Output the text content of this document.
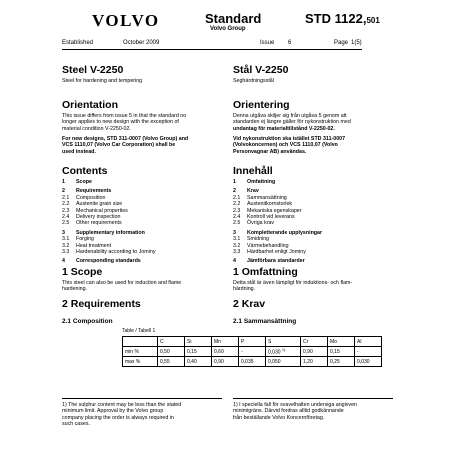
VOLVO	Standard
Volvo Group
STD 1122,501
Established	October 2009	Issue 6	Page 1(5)
Steel V-2250
Steel for hardening and tempering
Orientation
This issue differs from issue 5 in that the standard no
longer applies to new design with the exception of
material condition V-2250-02.
For new designs, STD 311-0007 (Volvo Group) and
VCS 1110,07 (Volvo Car Corporation) shall be
used instead.
Contents
1 Scope
2 Requirements
2.1 Composition
2.2 Austenite grain size
2.3 Mechanical properties
2.4 Delivery inspection
2.5 Other requirements
3 Supplementary information
3.1 Forging
3.2 Heat treatment
3.3 Hardenability according to Jominy
4 Corresponding standards
1 Scope
This steel can also be used for induction and flame
hardening.
2 Requirements
2.1 Composition
Stål V-2250
Seghärdningsstål
Orientering
Denna utgåva skiljer sig från utgåva 5 genom att
standarden ej längre gäller för nykonstruktion med
undantag för materialtillstånd V-2250-02.
Vid nykonstruktion ska istället STD 311-0007
(Volvokoncernen) och VCS 1110,07 (Volvo
Personvagnar AB) användas.
Innehåll
1 Omfattning
2 Krav
2.1 Sammansättning
2.2 Austenitkornstorlek
2.3 Mekaniska egenskaper
2.4 Kontroll vid leverans
2.5 Övriga krav
3 Kompletterande upplysningar
3.1 Smidning
3.2 Värmebehandling
3.3 Härdbarhet enligt Jominy
4 Jämförbara standarder
1 Omfattning
Detta stål är även lämpligt för induktions- och flam-
härdning.
2 Krav
2.1 Sammansättning
Table / Tabell 1
	C	Si	Mn	P	S	Cr	Mo	Al
min %	0,50	0,15	0,60	-	0,030 $^{1)}$	0,90	0,15	-
max %	0,55	0,40	0,90	0,035	0,050	1,20	0,25	0,030
1) The sulphur content may be less than the stated
minimum limit. Approval by the Volvo group
company placing the order is always required in
such cases.
1) I speciella fall för svavelhalten undersiga angivven
minimigräns. Därvid fordras alltid godkännande
från beställande Volvo Koncernföretag.
